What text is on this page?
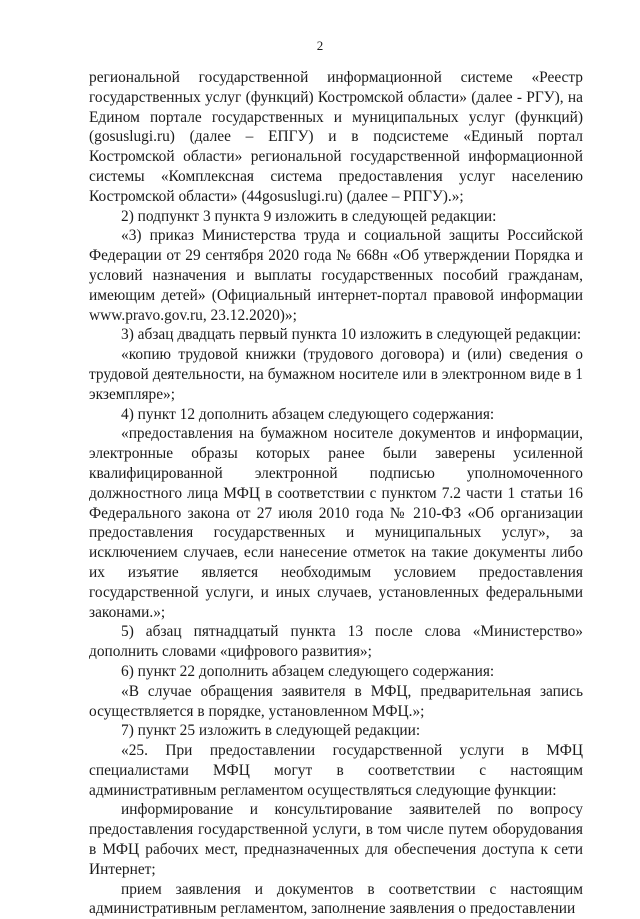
2

региональной государственной информационной системе «Реестр государственных услуг (функций) Костромской области» (далее - РГУ), на Едином портале государственных и муниципальных услуг (функций) (gosuslugi.ru) (далее – ЕПГУ) и в подсистеме «Единый портал Костромской области» региональной государственной информационной системы «Комплексная система предоставления услуг населению Костромской области» (44gosuslugi.ru) (далее – РПГУ).»;

2) подпункт 3 пункта 9 изложить в следующей редакции:

«3) приказ Министерства труда и социальной защиты Российской Федерации от 29 сентября 2020 года № 668н «Об утверждении Порядка и условий назначения и выплаты государственных пособий гражданам, имеющим детей» (Официальный интернет-портал правовой информации www.pravo.gov.ru, 23.12.2020)»;

3) абзац двадцать первый пункта 10 изложить в следующей редакции:

«копию трудовой книжки (трудового договора) и (или) сведения о трудовой деятельности, на бумажном носителе или в электронном виде в 1 экземпляре»;

4) пункт 12 дополнить абзацем следующего содержания:

«предоставления на бумажном носителе документов и информации, электронные образы которых ранее были заверены усиленной квалифицированной электронной подписью уполномоченного должностного лица МФЦ в соответствии с пунктом 7.2 части 1 статьи 16 Федерального закона от 27 июля 2010 года № 210-ФЗ «Об организации предоставления государственных и муниципальных услуг», за исключением случаев, если нанесение отметок на такие документы либо их изъятие является необходимым условием предоставления государственной услуги, и иных случаев, установленных федеральными законами.»;

5) абзац пятнадцатый пункта 13 после слова «Министерство» дополнить словами «цифрового развития»;

6) пункт 22 дополнить абзацем следующего содержания:

«В случае обращения заявителя в МФЦ, предварительная запись осуществляется в порядке, установленном МФЦ.»;

7) пункт 25 изложить в следующей редакции:

«25. При предоставлении государственной услуги в МФЦ специалистами МФЦ могут в соответствии с настоящим административным регламентом осуществляться следующие функции:

информирование и консультирование заявителей по вопросу предоставления государственной услуги, в том числе путем оборудования в МФЦ рабочих мест, предназначенных для обеспечения доступа к сети Интернет;

прием заявления и документов в соответствии с настоящим административным регламентом, заполнение заявления о предоставлении
